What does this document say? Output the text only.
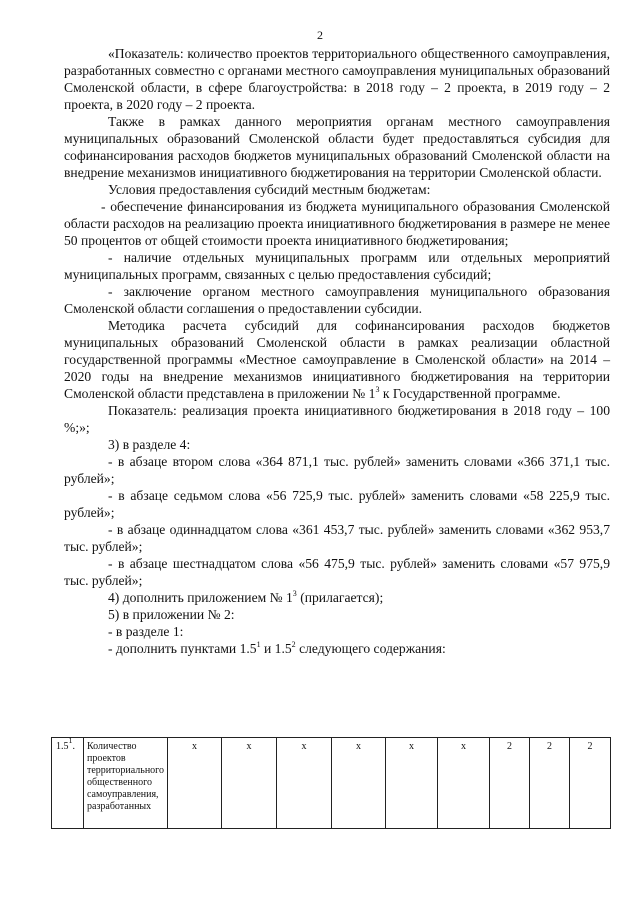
2

«Показатель: количество проектов территориального общественного самоуправления, разработанных совместно с органами местного самоуправления муниципальных образований Смоленской области, в сфере благоустройства: в 2018 году – 2 проекта, в 2019 году – 2 проекта, в 2020 году – 2 проекта.

Также в рамках данного мероприятия органам местного самоуправления муниципальных образований Смоленской области будет предоставляться субсидия для софинансирования расходов бюджетов муниципальных образований Смоленской области на внедрение механизмов инициативного бюджетирования на территории Смоленской области.

Условия предоставления субсидий местным бюджетам:

- обеспечение финансирования из бюджета муниципального образования Смоленской области расходов на реализацию проекта инициативного бюджетирования в размере не менее 50 процентов от общей стоимости проекта инициативного бюджетирования;

- наличие отдельных муниципальных программ или отдельных мероприятий муниципальных программ, связанных с целью предоставления субсидий;

- заключение органом местного самоуправления муниципального образования Смоленской области соглашения о предоставлении субсидии.

Методика расчета субсидий для софинансирования расходов бюджетов муниципальных образований Смоленской области в рамках реализации областной государственной программы «Местное самоуправление в Смоленской области» на 2014 – 2020 годы на внедрение механизмов инициативного бюджетирования на территории Смоленской области представлена в приложении № $1^3$ к Государственной программе.

Показатель: реализация проекта инициативного бюджетирования в 2018 году – 100 %;»;

3) в разделе 4:

- в абзаце втором слова «364 871,1 тыс. рублей» заменить словами «366 371,1 тыс. рублей»;

- в абзаце седьмом слова «56 725,9 тыс. рублей» заменить словами «58 225,9 тыс. рублей»;

- в абзаце одиннадцатом слова «361 453,7 тыс. рублей» заменить словами «362 953,7 тыс. рублей»;

- в абзаце шестнадцатом слова «56 475,9 тыс. рублей» заменить словами «57 975,9 тыс. рублей»;

4) дополнить приложением № $1^3$ (прилагается);

5) в приложении № 2:

- в разделе 1:

- дополнить пунктами $1.5^1$ и $1.5^2$ следующего содержания:

$1.5^1$.	Количество проектов территориального общественного самоуправления, разработанных	х	х	х	х	х	х	2	2	2
